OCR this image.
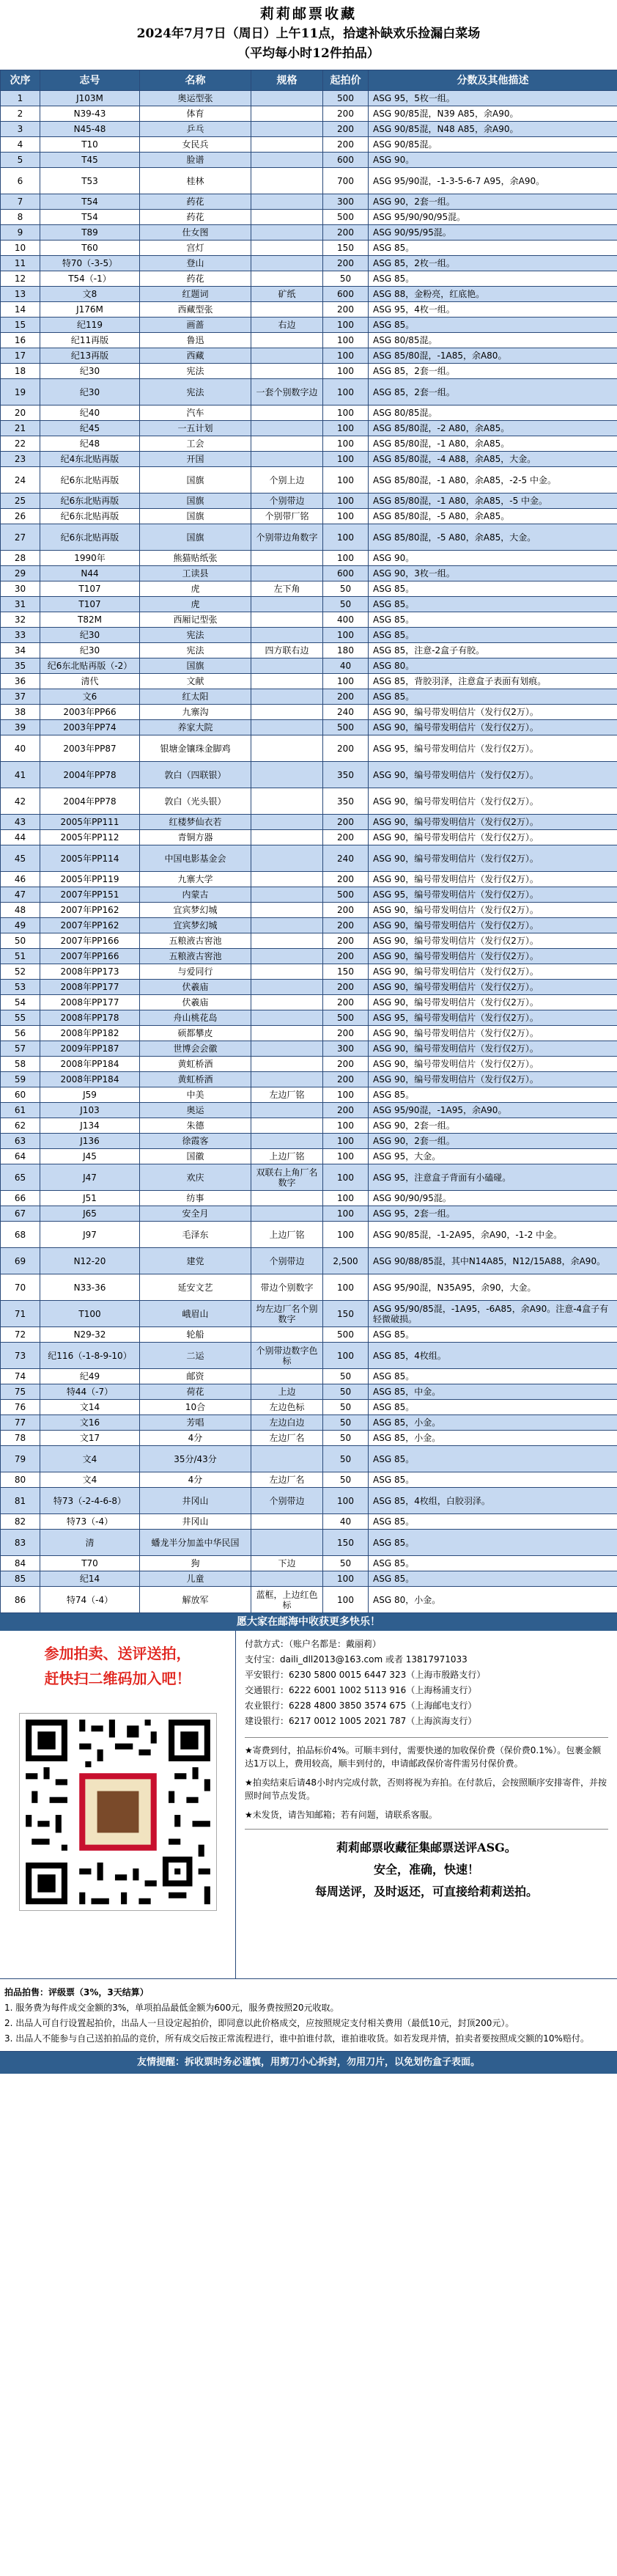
莉莉邮票收藏
2024年7月7日（周日）上午11点，拾逮补缺欢乐捡漏白菜场
（平均每小时12件拍品）
次序	志号	名称	规格	起拍价	分数及其他描述
1	J103M	奥运型张		500	ASG 95，5枚一组。
2	N39-43	体育		200	ASG 90/85混，N39 A85，余A90。
3	N45-48	乒乓		200	ASG 90/85混，N48 A85，余A90。
4	T10	女民兵		200	ASG 90/85混。
5	T45	脸谱		600	ASG 90。
6	T53	桂林		700	ASG 95/90混，-1-3-5-6-7 A95，余A90。
7	T54	药花		300	ASG 90，2套一组。
8	T54	药花		500	ASG 95/90/90/95混。
9	T89	仕女图		200	ASG 90/95/95混。
10	T60	宫灯		150	ASG 85。
11	特70（-3-5）	登山		200	ASG 85，2枚一组。
12	T54（-1）	药花		50	ASG 85。
13	文8	红题词	矿纸	600	ASG 88，金粉亮，红底艳。
14	J176M	西藏型张		200	ASG 95，4枚一组。
15	纪119	画蔷	右边	100	ASG 85。
16	纪11再版	鲁迅		100	ASG 80/85混。
17	纪13再版	西藏		100	ASG 85/80混，-1A85，余A80。
18	纪30	宪法		100	ASG 85，2套一组。
19	纪30	宪法	一套个别数字边	100	ASG 85，2套一组。
20	纪40	汽车		100	ASG 80/85混。
21	纪45	一五计划		100	ASG 85/80混，-2 A80，余A85。
22	纪48	工会		100	ASG 85/80混，-1 A80，余A85。
23	纪4东北贴再版	开国		100	ASG 85/80混，-4 A88，余A85，大金。
24	纪6东北贴再版	国旗	个别上边	100	ASG 85/80混，-1 A80，余A85，-2-5 中金。
25	纪6东北贴再版	国旗	个别带边	100	ASG 85/80混，-1 A80，余A85，-5 中金。
26	纪6东北贴再版	国旗	个别带厂铭	100	ASG 85/80混，-5 A80，余A85。
27	纪6东北贴再版	国旗	个别带边角数字	100	ASG 85/80混，-5 A80，余A85，大金。
28	1990年	熊猫贴纸张		100	ASG 90。
29	N44	工读县		600	ASG 90，3枚一组。
30	T107	虎	左下角	50	ASG 85。
31	T107	虎		50	ASG 85。
32	T82M	西厢记型张		400	ASG 85。
33	纪30	宪法		100	ASG 85。
34	纪30	宪法	四方联右边	180	ASG 85，注意-2盒子有胶。
35	纪6东北贴再版（-2）	国旗		40	ASG 80。
36	清代	文献		100	ASG 85，背胶羽泽，注意盒子表面有划痕。
37	文6	红太阳		200	ASG 85。
38	2003年PP66	九寨沟		240	ASG 90，编号带发明信片（发行仅2万）。
39	2003年PP74	养家大院		500	ASG 90，编号带发明信片（发行仅2万）。
40	2003年PP87	银塘金镶珠金脚鸡		200	ASG 95，编号带发明信片（发行仅2万）。
41	2004年PP78	敦白（四联银）		350	ASG 90，编号带发明信片（发行仅2万）。
42	2004年PP78	敦白（光头银）		350	ASG 90，编号带发明信片（发行仅2万）。
43	2005年PP111	红楼梦仙衣若		200	ASG 90，编号带发明信片（发行仅2万）。
44	2005年PP112	青铜方器		200	ASG 90，编号带发明信片（发行仅2万）。
45	2005年PP114	中国电影基金会		240	ASG 90，编号带发明信片（发行仅2万）。
46	2005年PP119	九寨大学		200	ASG 90，编号带发明信片（发行仅2万）。
47	2007年PP151	内蒙古		500	ASG 95，编号带发明信片（发行仅2万）。
48	2007年PP162	宜宾梦幻城		200	ASG 90，编号带发明信片（发行仅2万）。
49	2007年PP162	宜宾梦幻城		200	ASG 90，编号带发明信片（发行仅2万）。
50	2007年PP166	五粮液古窖池		200	ASG 90，编号带发明信片（发行仅2万）。
51	2007年PP166	五粮液古窖池		200	ASG 90，编号带发明信片（发行仅2万）。
52	2008年PP173	与爱同行		150	ASG 90，编号带发明信片（发行仅2万）。
53	2008年PP177	伏羲庙		200	ASG 90，编号带发明信片（发行仅2万）。
54	2008年PP177	伏羲庙		200	ASG 90，编号带发明信片（发行仅2万）。
55	2008年PP178	舟山桃花岛		500	ASG 95，编号带发明信片（发行仅2万）。
56	2008年PP182	硕都攀皮		200	ASG 90，编号带发明信片（发行仅2万）。
57	2009年PP187	世博会会徽		300	ASG 90，编号带发明信片（发行仅2万）。
58	2008年PP184	黄虹桥酒		200	ASG 90，编号带发明信片（发行仅2万）。
59	2008年PP184	黄虹桥酒		200	ASG 90，编号带发明信片（发行仅2万）。
60	J59	中美	左边厂铭	100	ASG 85。
61	J103	奥运		200	ASG 95/90混，-1A95，余A90。
62	J134	朱德		100	ASG 90，2套一组。
63	J136	徐霞客		100	ASG 90，2套一组。
64	J45	国徽	上边厂铭	100	ASG 95，大金。
65	J47	欢庆	双联右上角厂名数字	100	ASG 95，注意盒子背面有小磕碰。
66	J51	纺事		100	ASG 90/90/95混。
67	J65	安全月		100	ASG 95，2套一组。
68	J97	毛泽东	上边厂铭	100	ASG 90/85混，-1-2A95，余A90，-1-2 中金。
69	N12-20	建党	个别带边	2,500	ASG 90/88/85混，其中N14A85，N12/15A88，余A90。
70	N33-36	延安文艺	带边个别数字	100	ASG 95/90混，N35A95，余90，大金。
71	T100	峨眉山	均左边厂名个别数字	150	ASG 95/90/85混，-1A95，-6A85，余A90。注意-4盒子有轻微破损。
72	N29-32	轮船		500	ASG 85。
73	纪116（-1-8-9-10）	二运	个别带边数字色标	100	ASG 85，4枚组。
74	纪49	邮资		50	ASG 85。
75	特44（-7）	荷花	上边	50	ASG 85，中金。
76	文14	10合	左边色标	50	ASG 85。
77	文16	芳唱	左边白边	50	ASG 85，小金。
78	文17	4分	左边厂名	50	ASG 85，小金。
79	文4	35分/43分		50	ASG 85。
80	文4	4分	左边厂名	50	ASG 85。
81	特73（-2-4-6-8）	井冈山	个别带边	100	ASG 85，4枚组，白胶羽泽。
82	特73（-4）	井冈山		40	ASG 85。
83	清	蟠龙半分加盖中华民国		150	ASG 85。
84	T70	狗	下边	50	ASG 85。
85	纪14	儿童		100	ASG 85。
86	特74（-4）	解放军	蓝框，上边红色标	100	ASG 80，小金。
愿大家在邮海中收获更多快乐！
参加拍卖、送评送拍，
赶快扫二维码加入吧！
付款方式：（账户名都是：戴丽莉）
支付宝：daili_dll2013@163.com 或者 13817971033
平安银行：6230 5800 0015 6447 323（上海市殷路支行）
交通银行：6222 6001 1002 5113 916（上海杨浦支行）
农业银行：6228 4800 3850 3574 675（上海邮电支行）
建设银行：6217 0012 1005 2021 787（上海滨海支行）
★寄费到付，拍品标价4%。可顺丰到付，需要快递的加收保价费（保价费0.1%）。包裹金额达1万以上，费用较高，顺丰到付的，申请邮政保价寄件需另付保价费。
★拍卖结束后请48小时内完成付款，否则将视为弃拍。在付款后，会按照顺序安排寄件，并按照时间节点发货。
★未发货，请告知邮箱；若有问题，请联系客服。
莉莉邮票收藏征集邮票送评ASG。
安全，准确，快速！
每周送评，及时返还，可直接给莉莉送拍。
拍品拍售：评级票（3%，3天结算）
1. 服务费为每件成交金额的3%，单项拍品最低金额为600元，服务费按照20元收取。
2. 出品人可自行设置起拍价，出品人一旦设定起拍价，即同意以此价格成交，应按照规定支付相关费用（最低10元，封顶200元）。
3. 出品人不能参与自己送拍拍品的竞价，所有成交后按正常流程进行，谁中拍谁付款，谁拍谁收货。如若发现并情，拍卖者要按照成交额的10%赔付。
友情提醒：拆收票时务必谨慎，用剪刀小心拆封，勿用刀片，以免划伤盒子表面。
